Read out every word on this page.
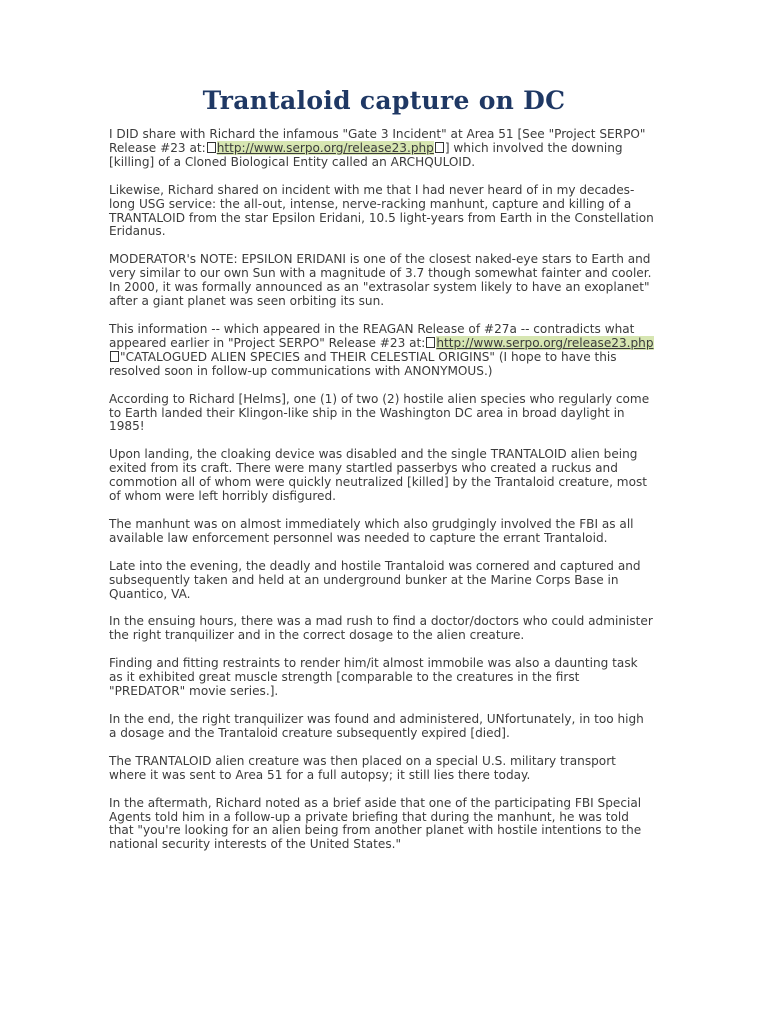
Trantaloid capture on DC

I DID share with Richard the infamous "Gate 3 Incident" at Area 51 [See "Project SERPO" Release #23 at: http://www.serpo.org/release23.php ] which involved the downing [killing] of a Cloned Biological Entity called an ARCHQULOID.

Likewise, Richard shared on incident with me that I had never heard of in my decades-long USG service: the all-out, intense, nerve-racking manhunt, capture and killing of a TRANTALOID from the star Epsilon Eridani, 10.5 light-years from Earth in the Constellation Eridanus.

MODERATOR's NOTE: EPSILON ERIDANI is one of the closest naked-eye stars to Earth and very similar to our own Sun with a magnitude of 3.7 though somewhat fainter and cooler. In 2000, it was formally announced as an "extrasolar system likely to have an exoplanet" after a giant planet was seen orbiting its sun.

This information -- which appeared in the REAGAN Release of #27a -- contradicts what appeared earlier in "Project SERPO" Release #23 at: http://www.serpo.org/release23.php"CATALOGUED ALIEN SPECIES and THEIR CELESTIAL ORIGINS" (I hope to have this resolved soon in follow-up communications with ANONYMOUS.)

According to Richard [Helms], one (1) of two (2) hostile alien species who regularly come to Earth landed their Klingon-like ship in the Washington DC area in broad daylight in 1985!

Upon landing, the cloaking device was disabled and the single TRANTALOID alien being exited from its craft. There were many startled passerbys who created a ruckus and commotion all of whom were quickly neutralized [killed] by the Trantaloid creature, most of whom were left horribly disfigured.

The manhunt was on almost immediately which also grudgingly involved the FBI as all available law enforcement personnel was needed to capture the errant Trantaloid.

Late into the evening, the deadly and hostile Trantaloid was cornered and captured and subsequently taken and held at an underground bunker at the Marine Corps Base in Quantico, VA.

In the ensuing hours, there was a mad rush to find a doctor/doctors who could administer the right tranquilizer and in the correct dosage to the alien creature.

Finding and fitting restraints to render him/it almost immobile was also a daunting task as it exhibited great muscle strength [comparable to the creatures in the first "PREDATOR" movie series.].

In the end, the right tranquilizer was found and administered, UNfortunately, in too high a dosage and the Trantaloid creature subsequently expired [died].

The TRANTALOID alien creature was then placed on a special U.S. military transport where it was sent to Area 51 for a full autopsy; it still lies there today.

In the aftermath, Richard noted as a brief aside that one of the participating FBI Special Agents told him in a follow-up a private briefing that during the manhunt, he was told that "you're looking for an alien being from another planet with hostile intentions to the national security interests of the United States."
